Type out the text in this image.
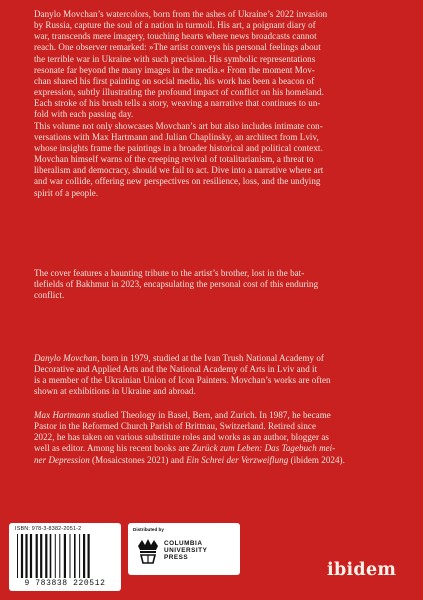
Danylo Movchan’s watercolors, born from the ashes of Ukraine’s 2022 invasion

by Russia, capture the soul of a nation in turmoil. His art, a poignant diary of

war, transcends mere imagery, touching hearts where news broadcasts cannot

reach. One observer remarked: »The artist conveys his personal feelings about

the terrible war in Ukraine with such precision. His symbolic representations

resonate far beyond the many images in the media.« From the moment Mov-

chan shared his first painting on social media, his work has been a beacon of

expression, subtly illustrating the profound impact of conflict on his homeland.

Each stroke of his brush tells a story, weaving a narrative that continues to un-

fold with each passing day.

This volume not only showcases Movchan’s art but also includes intimate con-

versations with Max Hartmann and Julian Chaplinsky, an architect from Lviv,

whose insights frame the paintings in a broader historical and political context.

Movchan himself warns of the creeping revival of totalitarianism, a threat to

liberalism and democracy, should we fail to act. Dive into a narrative where art

and war collide, offering new perspectives on resilience, loss, and the undying

spirit of a people.

The cover features a haunting tribute to the artist’s brother, lost in the bat-

tlefields of Bakhmut in 2023, encapsulating the personal cost of this enduring

conflict.

Danylo Movchan, born in 1979, studied at the Ivan Trush National Academy of

Decorative and Applied Arts and the National Academy of Arts in Lviv and it

is a member of the Ukrainian Union of Icon Painters. Movchan’s works are often

shown at exhibitions in Ukraine and abroad.

Max Hartmann studied Theology in Basel, Bern, and Zurich. In 1987, he became

Pastor in the Reformed Church Parish of Brittnau, Switzerland. Retired since

2022, he has taken on various substitute roles and works as an author, blogger as

well as editor. Among his recent books are Zurück zum Leben: Das Tagebuch mei-

ner Depression (Mosaicstones 2021) and Ein Schrei der Verzweiflung (ibidem 2024).

ISBN: 978-3-8382-2051-2
9 783838 220512
Distributed by
COLUMBIA
UNIVERSITY
PRESS
ibidem
